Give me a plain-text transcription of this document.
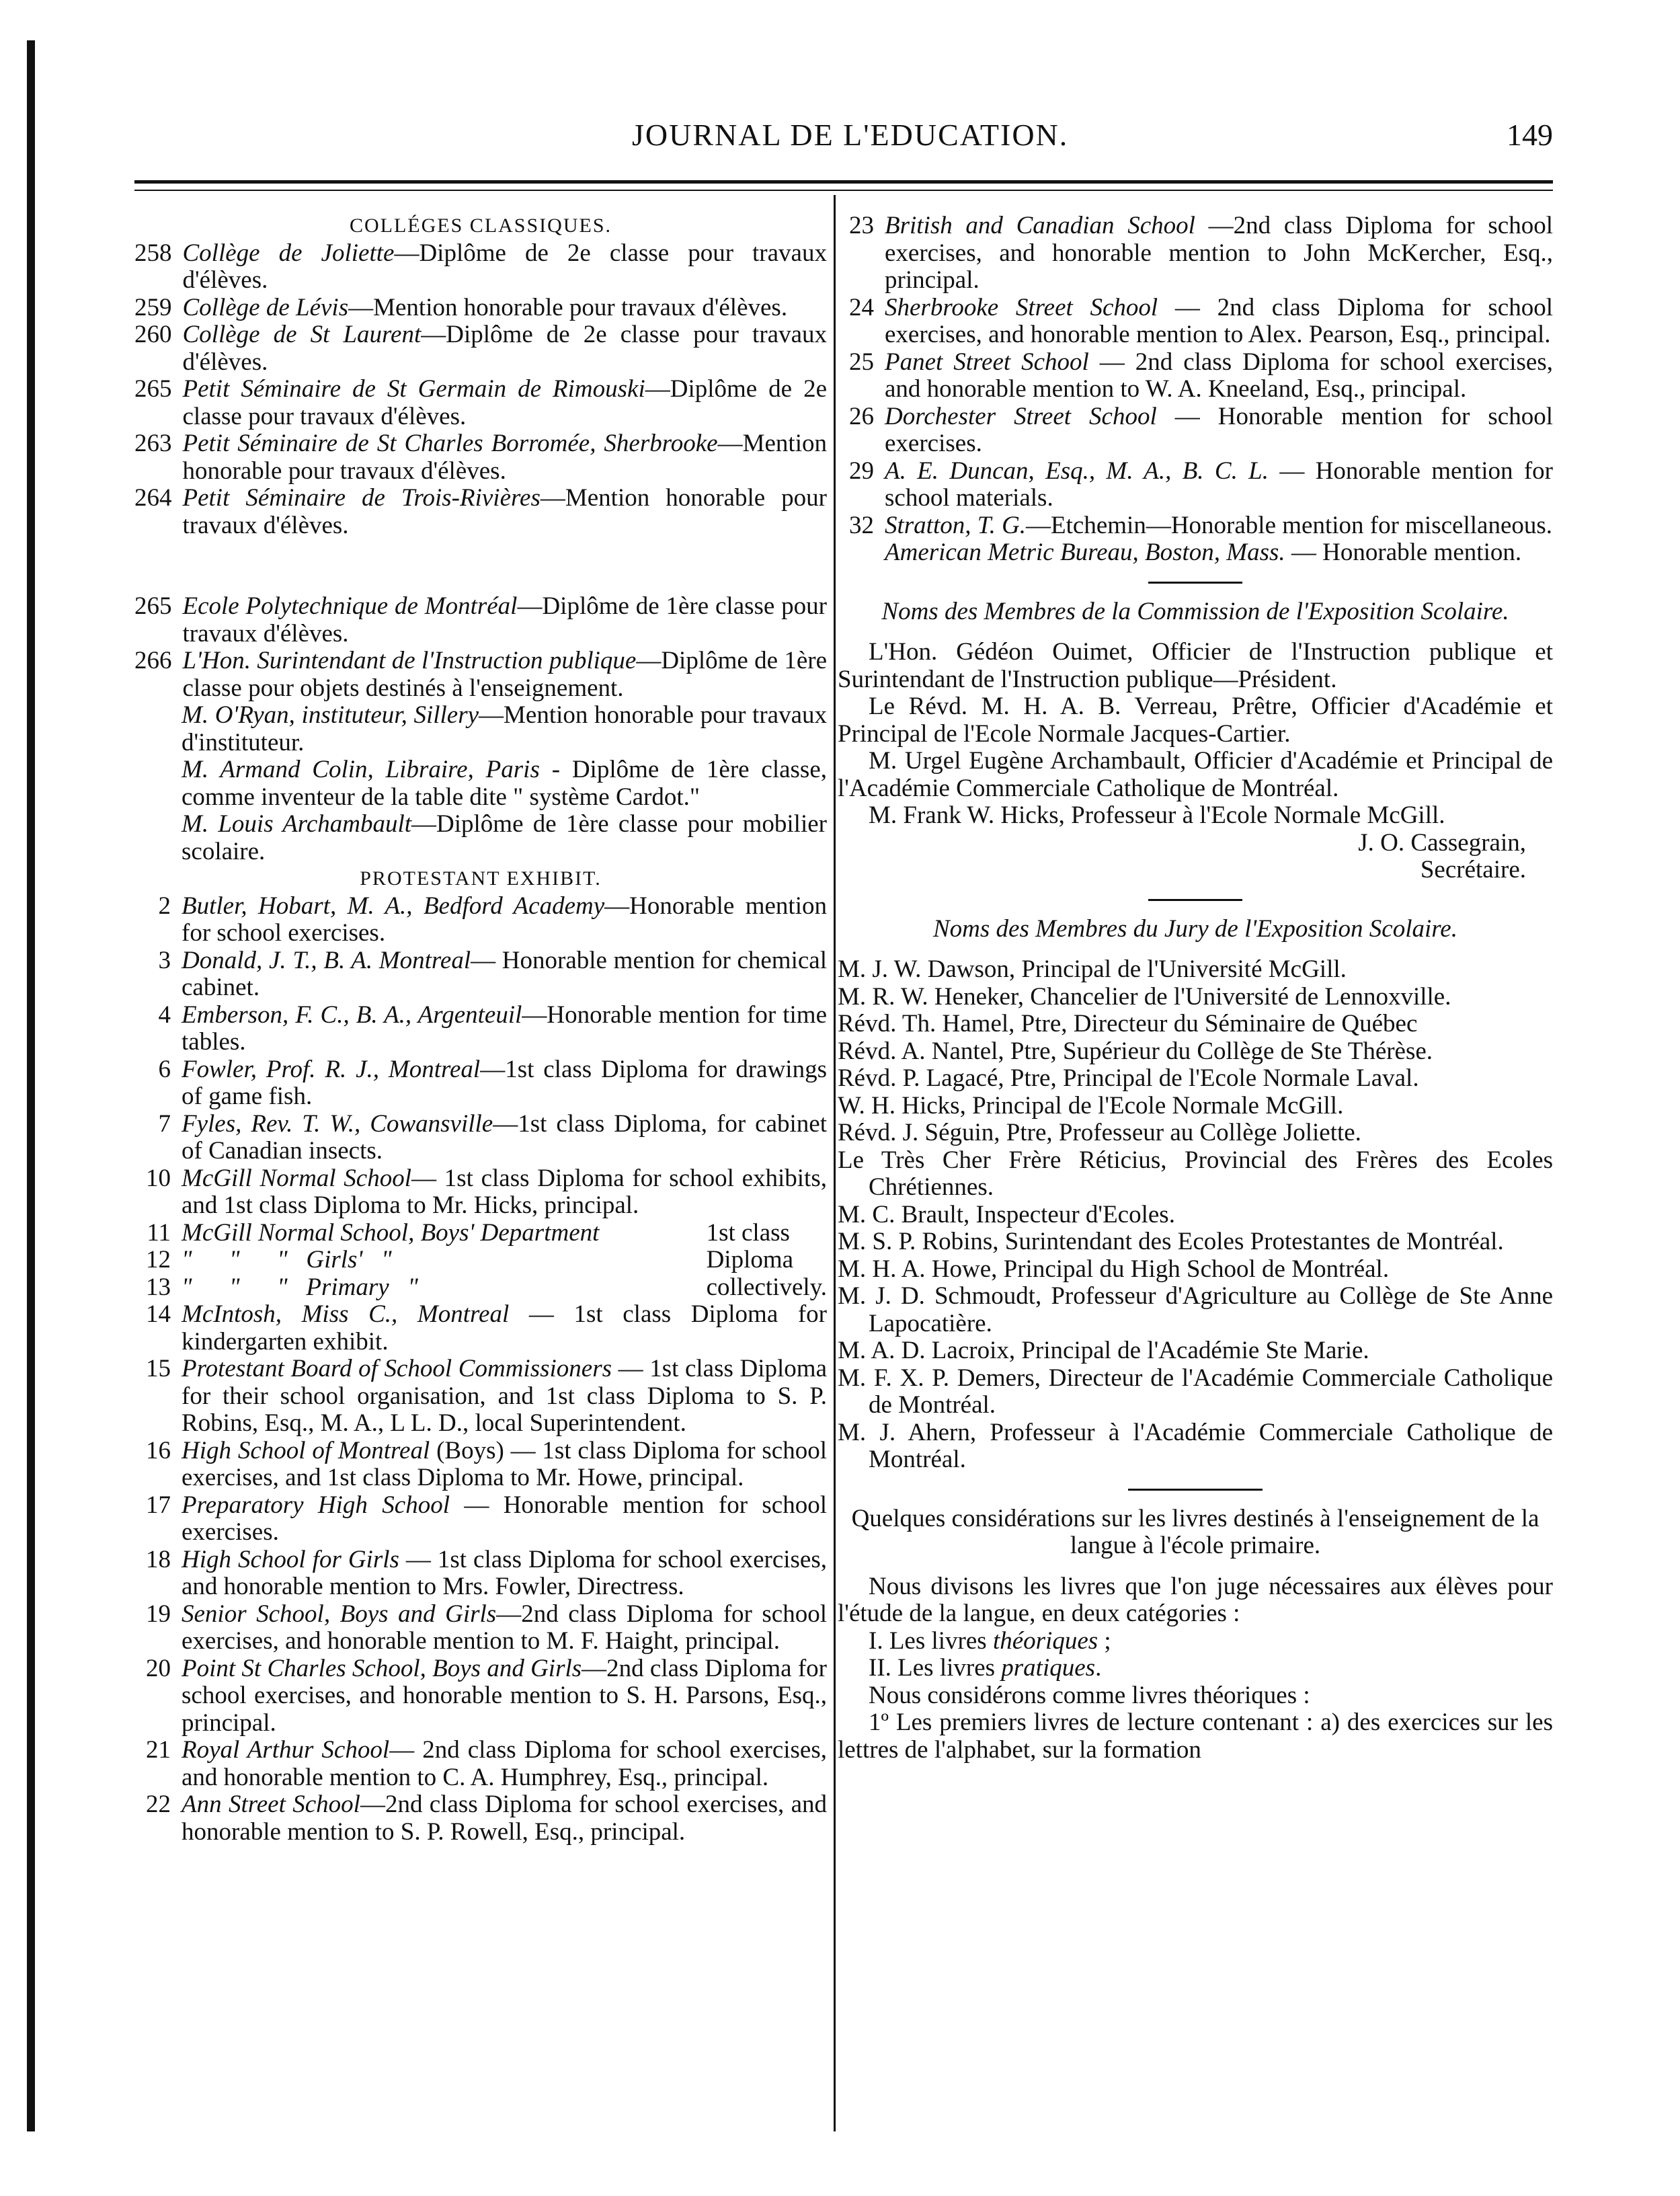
JOURNAL DE L'EDUCATION.	149
COLLÉGES CLASSIQUES.
258 Collège de Joliette—Diplôme de 2e classe pour travaux d'élèves.
259 Collège de Lévis—Mention honorable pour travaux d'élèves.
260 Collège de St Laurent—Diplôme de 2e classe pour travaux d'élèves.
265 Petit Séminaire de St Germain de Rimouski—Diplôme de 2e classe pour travaux d'élèves.
263 Petit Séminaire de St Charles Borromée, Sherbrooke—Mention honorable pour travaux d'élèves.
264 Petit Séminaire de Trois-Rivières—Mention honorable pour travaux d'élèves.
265 Ecole Polytechnique de Montréal—Diplôme de 1ère classe pour travaux d'élèves.
266 L'Hon. Surintendant de l'Instruction publique—Diplôme de 1ère classe pour objets destinés à l'enseignement.
M. O'Ryan, instituteur, Sillery—Mention honorable pour travaux d'instituteur.
M. Armand Colin, Libraire, Paris - Diplôme de 1ère classe, comme inventeur de la table dite " système Cardot."
M. Louis Archambault—Diplôme de 1ère classe pour mobilier scolaire.
PROTESTANT EXHIBIT.
2 Butler, Hobart, M. A., Bedford Academy—Honorable mention for school exercises.
3 Donald, J. T., B. A. Montreal— Honorable mention for chemical cabinet.
4 Emberson, F. C., B. A., Argenteuil—Honorable mention for time tables.
6 Fowler, Prof. R. J., Montreal—1st class Diploma for drawings of game fish.
7 Fyles, Rev. T. W., Cowansville—1st class Diploma, for cabinet of Canadian insects.
10 McGill Normal School— 1st class Diploma for school exhibits, and 1st class Diploma to Mr. Hicks, principal.
11 McGill Normal School, Boys' Department
12 "      "      "   Girls'   "
13 "      "      "   Primary   "
1st class Diploma collectively.
14 McIntosh, Miss C., Montreal — 1st class Diploma for kindergarten exhibit.
15 Protestant Board of School Commissioners — 1st class Diploma for their school organisation, and 1st class Diploma to S. P. Robins, Esq., M. A., L L. D., local Superintendent.
16 High School of Montreal (Boys) — 1st class Diploma for school exercises, and 1st class Diploma to Mr. Howe, principal.
17 Preparatory High School — Honorable mention for school exercises.
18 High School for Girls — 1st class Diploma for school exercises, and honorable mention to Mrs. Fowler, Directress.
19 Senior School, Boys and Girls—2nd class Diploma for school exercises, and honorable mention to M. F. Haight, principal.
20 Point St Charles School, Boys and Girls—2nd class Diploma for school exercises, and honorable mention to S. H. Parsons, Esq., principal.
21 Royal Arthur School— 2nd class Diploma for school exercises, and honorable mention to C. A. Humphrey, Esq., principal.
22 Ann Street School—2nd class Diploma for school exercises, and honorable mention to S. P. Rowell, Esq., principal.
23 British and Canadian School —2nd class Diploma for school exercises, and honorable mention to John McKercher, Esq., principal.
24 Sherbrooke Street School — 2nd class Diploma for school exercises, and honorable mention to Alex. Pearson, Esq., principal.
25 Panet Street School — 2nd class Diploma for school exercises, and honorable mention to W. A. Kneeland, Esq., principal.
26 Dorchester Street School — Honorable mention for school exercises.
29 A. E. Duncan, Esq., M. A., B. C. L. — Honorable mention for school materials.
32 Stratton, T. G.—Etchemin—Honorable mention for miscellaneous.
American Metric Bureau, Boston, Mass. — Honorable mention.
Noms des Membres de la Commission de l'Exposition Scolaire.
L'Hon. Gédéon Ouimet, Officier de l'Instruction publique et Surintendant de l'Instruction publique—Président.
Le Révd. M. H. A. B. Verreau, Prêtre, Officier d'Académie et Principal de l'Ecole Normale Jacques-Cartier.
M. Urgel Eugène Archambault, Officier d'Académie et Principal de l'Académie Commerciale Catholique de Montréal.
M. Frank W. Hicks, Professeur à l'Ecole Normale McGill.
J. O. Cassegrain,
Secrétaire.
Noms des Membres du Jury de l'Exposition Scolaire.
M. J. W. Dawson, Principal de l'Université McGill.
M. R. W. Heneker, Chancelier de l'Université de Lennoxville.
Révd. Th. Hamel, Ptre, Directeur du Séminaire de Québec
Révd. A. Nantel, Ptre, Supérieur du Collège de Ste Thérèse.
Révd. P. Lagacé, Ptre, Principal de l'Ecole Normale Laval.
W. H. Hicks, Principal de l'Ecole Normale McGill.
Révd. J. Séguin, Ptre, Professeur au Collège Joliette.
Le Très Cher Frère Réticius, Provincial des Frères des Ecoles Chrétiennes.
M. C. Brault, Inspecteur d'Ecoles.
M. S. P. Robins, Surintendant des Ecoles Protestantes de Montréal.
M. H. A. Howe, Principal du High School de Montréal.
M. J. D. Schmoudt, Professeur d'Agriculture au Collège de Ste Anne Lapocatière.
M. A. D. Lacroix, Principal de l'Académie Ste Marie.
M. F. X. P. Demers, Directeur de l'Académie Commerciale Catholique de Montréal.
M. J. Ahern, Professeur à l'Académie Commerciale Catholique de Montréal.
Quelques considérations sur les livres destinés à l'enseignement de la langue à l'école primaire.
Nous divisons les livres que l'on juge nécessaires aux élèves pour l'étude de la langue, en deux catégories :
I. Les livres théoriques ;
II. Les livres pratiques.
Nous considérons comme livres théoriques :
1º Les premiers livres de lecture contenant : a) des exercices sur les lettres de l'alphabet, sur la formation
